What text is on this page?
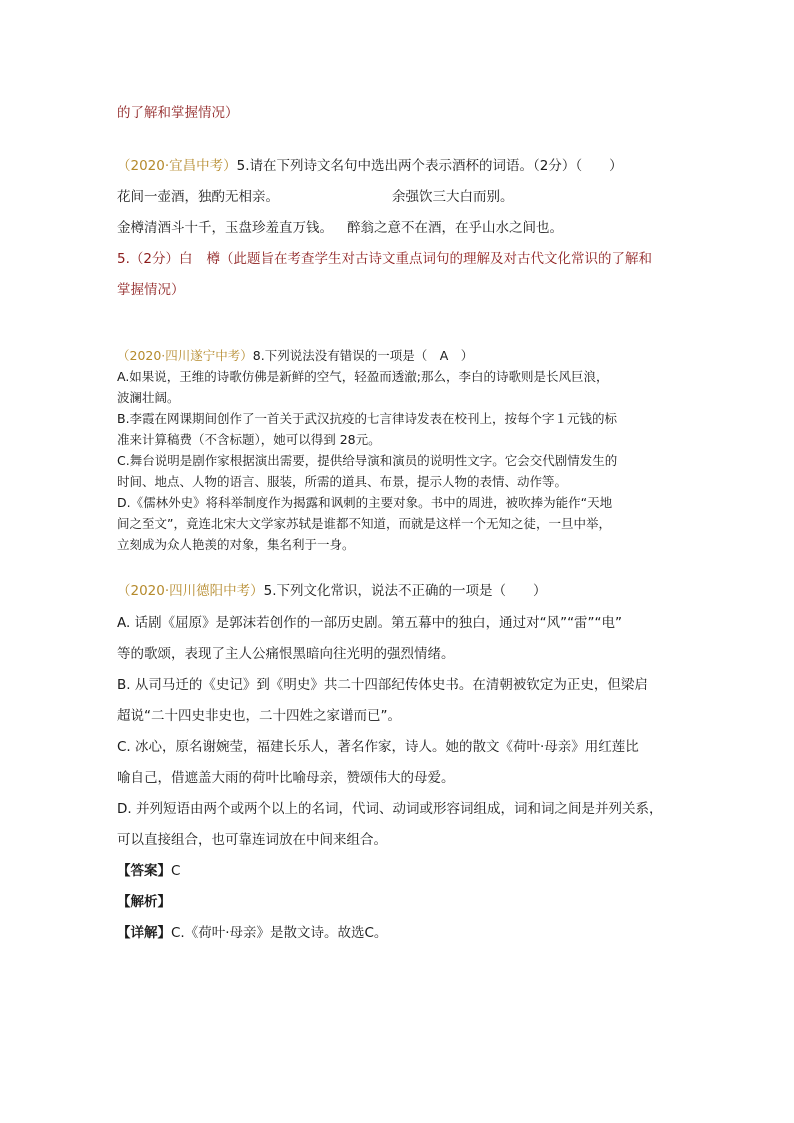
的了解和掌握情况）
（2020·宜昌中考）5.请在下列诗文名句中选出两个表示酒杯的词语。（2分）（　　）
花间一壶酒，独酌无相亲。	余强饮三大白而别。
金樽清酒斗十千，玉盘珍羞直万钱。 醉翁之意不在酒，在乎山水之间也。
5.（2分）白 樽（此题旨在考查学生对古诗文重点词句的理解及对古代文化常识的了解和
掌握情况）
（2020·四川遂宁中考）8.下列说法没有错误的一项是（　A　）
A.如果说，王维的诗歌仿佛是新鲜的空气，轻盈而透澈;那么，李白的诗歌则是长风巨浪，
波澜壮阔。
B.李霞在网课期间创作了一首关于武汉抗疫的七言律诗发表在校刊上，按每个字１元钱的标
准来计算稿费（不含标题），她可以得到 28元。
C.舞台说明是剧作家根据演出需要，提供给导演和演员的说明性文字。它会交代剧情发生的
时间、地点、人物的语言、服装，所需的道具、布景，提示人物的表情、动作等。
D.《儒林外史》将科举制度作为揭露和讽刺的主要对象。书中的周进，被吹捧为能作“天地
间之至文”，竟连北宋大文学家苏轼是谁都不知道，而就是这样一个无知之徒，一旦中举，
立刻成为众人艳羡的对象，集名利于一身。
（2020·四川德阳中考）5.下列文化常识，说法不正确的一项是（　　）
A. 话剧《屈原》是郭沫若创作的一部历史剧。第五幕中的独白，通过对“风”“雷”“电”
等的歌颂，表现了主人公痛恨黑暗向往光明的强烈情绪。
B. 从司马迁的《史记》到《明史》共二十四部纪传体史书。在清朝被钦定为正史，但梁启
超说“二十四史非史也，二十四姓之家谱而已”。
C. 冰心，原名谢婉莹，福建长乐人，著名作家，诗人。她的散文《荷叶·母亲》用红莲比
喻自己，借遮盖大雨的荷叶比喻母亲，赞颂伟大的母爱。
D. 并列短语由两个或两个以上的名词，代词、动词或形容词组成，词和词之间是并列关系，
可以直接组合，也可靠连词放在中间来组合。
【答案】C
【解析】
【详解】C.《荷叶·母亲》是散文诗。故选C。
